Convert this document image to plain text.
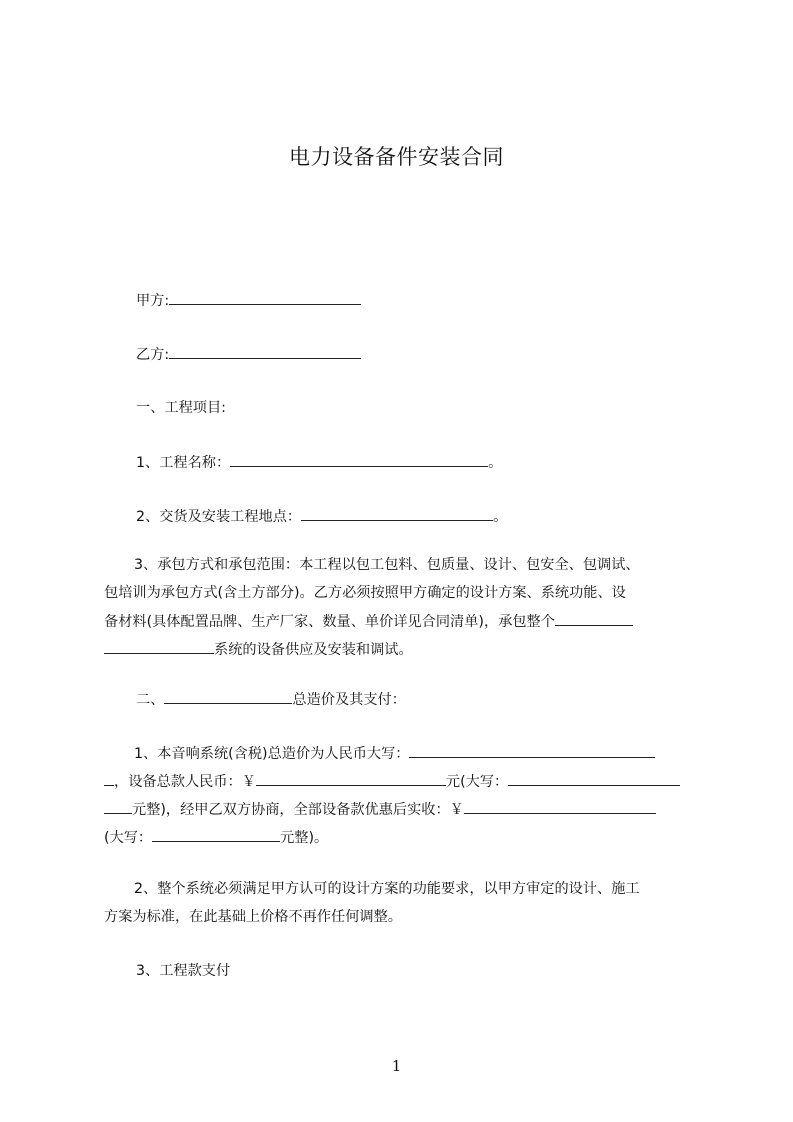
电力设备备件安装合同
甲方:
乙方:
一、工程项目:
1、工程名称：	。
2、交货及安装工程地点：	。
3、承包方式和承包范围：本工程以包工包料、包质量、设计、包安全、包调试、
包培训为承包方式(含土方部分)。乙方必须按照甲方确定的设计方案、系统功能、设
备材料(具体配置品牌、生产厂家、数量、单价详见合同清单)，承包整个
系统的设备供应及安装和调试。
二、	总造价及其支付：
1、本音响系统(含税)总造价为人民币大写：
，设备总款人民币：￥	元(大写：
元整)，经甲乙双方协商，全部设备款优惠后实收：￥
(大写：	元整)。
2、整个系统必须满足甲方认可的设计方案的功能要求，以甲方审定的设计、施工
方案为标准，在此基础上价格不再作任何调整。
3、工程款支付
1
